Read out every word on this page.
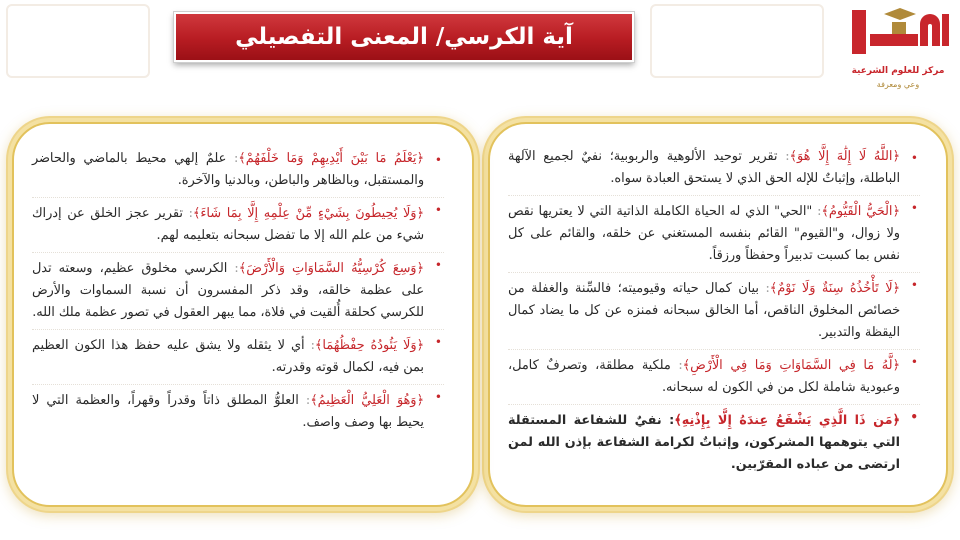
آية الكرسي/ المعنى التفصيلي
مركز للعلوم الشرعية
وعي ومعرفة
•
﴿اللَّهُ لَا إِلَٰهَ إِلَّا هُوَ﴾: تقرير توحيد الألوهية والربوبية؛ نفيٌ لجميع الآلهة الباطلة، وإثباتٌ للإله الحق الذي لا يستحق العبادة سواه.
•
﴿الْحَيُّ الْقَيُّومُ﴾: "الحي" الذي له الحياة الكاملة الذاتية التي لا يعتريها نقص ولا زوال، و"القيوم" القائم بنفسه المستغني عن خلقه، والقائم على كل نفس بما كسبت تدبيراً وحفظاً ورزقاً.
•
﴿لَا تَأْخُذُهُ سِنَةٌ وَلَا نَوْمٌ﴾: بيان كمال حياته وقيوميته؛ فالسِّنة والغفلة من خصائص المخلوق الناقص، أما الخالق سبحانه فمنزه عن كل ما يضاد كمال اليقظة والتدبير.
•
﴿لَّهُ مَا فِي السَّمَاوَاتِ وَمَا فِي الْأَرْضِ﴾: ملكية مطلقة، وتصرفٌ كامل، وعبودية شاملة لكل من في الكون له سبحانه.
•
﴿مَن ذَا الَّذِي يَشْفَعُ عِندَهُ إِلَّا بِإِذْنِهِ﴾: نفيٌ للشفاعة المستقلة التي يتوهمها المشركون، وإثباتٌ لكرامة الشفاعة بإذن الله لمن ارتضى من عباده المقرّبين.
•
﴿يَعْلَمُ مَا بَيْنَ أَيْدِيهِمْ وَمَا خَلْفَهُمْ﴾: علمٌ إلهي محيط بالماضي والحاضر والمستقبل، وبالظاهر والباطن، وبالدنيا والآخرة.
•
﴿وَلَا يُحِيطُونَ بِشَيْءٍ مِّنْ عِلْمِهِ إِلَّا بِمَا شَاءَ﴾: تقرير عجز الخلق عن إدراك شيء من علم الله إلا ما تفضل سبحانه بتعليمه لهم.
•
﴿وَسِعَ كُرْسِيُّهُ السَّمَاوَاتِ وَالْأَرْضَ﴾: الكرسي مخلوق عظيم، وسعته تدل على عظمة خالقه، وقد ذكر المفسرون أن نسبة السماوات والأرض للكرسي كحلقة أُلقيت في فلاة، مما يبهر العقول في تصور عظمة ملك الله.
•
﴿وَلَا يَئُودُهُ حِفْظُهُمَا﴾: أي لا يثقله ولا يشق عليه حفظ هذا الكون العظيم بمن فيه، لكمال قوته وقدرته.
•
﴿وَهُوَ الْعَلِيُّ الْعَظِيمُ﴾: العلوُّ المطلق ذاتاً وقدراً وقهراً، والعظمة التي لا يحيط بها وصف واصف.
